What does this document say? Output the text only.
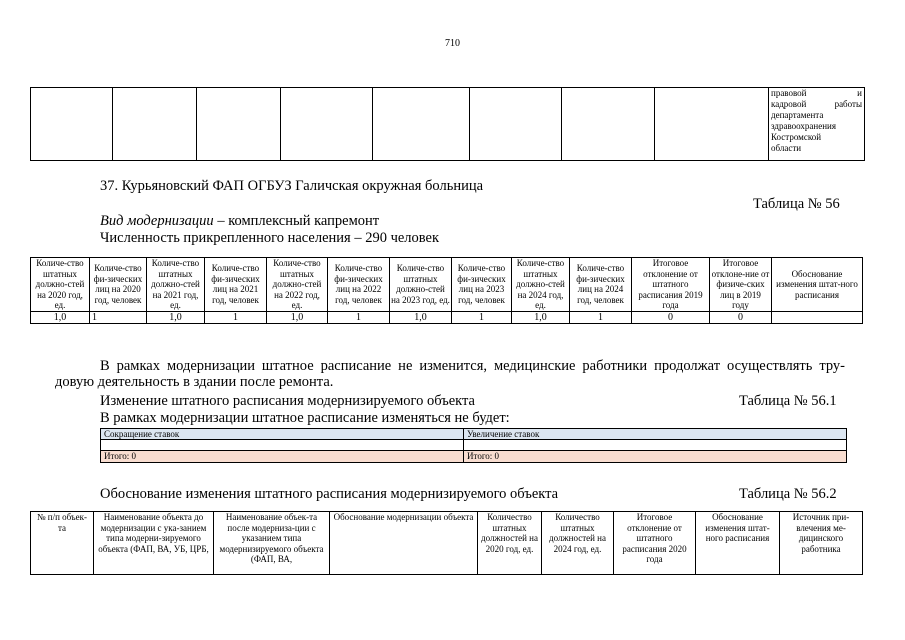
710

правовой и
кадровой работы
департамента
здравоохранения
Костромской
области
37. Курьяновский ФАП ОГБУЗ Галичская окружная больница
Таблица № 56
Вид модернизации – комплексный капремонт
Численность прикрепленного населения – 290 человек
Количе-ство штатных должно-стей на 2020 год, ед.	Количе-ство фи-зических лиц на 2020 год, человек	Количе-ство штатных должно-стей на 2021 год, ед.	Количе-ство фи-зических лиц на 2021 год, человек	Количе-ство штатных должно-стей на 2022 год, ед.	Количе-ство фи-зических лиц на 2022 год, человек	Количе-ство штатных должно-стей на 2023 год, ед.	Количе-ство фи-зических лиц на 2023 год, человек	Количе-ство штатных должно-стей на 2024 год, ед.	Количе-ство фи-зических лиц на 2024 год, человек	Итоговое отклонение от штатного расписания 2019 года	Итоговое отклоне-ние от физиче-ских лиц в 2019 году	Обоснование изменения штат-ного расписания
1,0	1	1,0	1	1,0	1	1,0	1	1,0	1	0	0	
В рамках модернизации штатное расписание не изменится, медицинские работники продолжат осуществлять тру-
довую деятельность в здании после ремонта.
Изменение штатного расписания модернизируемого объекта	Таблица № 56.1
В рамках модернизации штатное расписание изменяться не будет:
Сокращение ставок	Увеличение ставок

Итого: 0	Итого: 0
Обоснование изменения штатного расписания модернизируемого объекта	Таблица № 56.2
№ п/п объек-та	Наименование объекта до модернизации с ука-занием типа модерни-зируемого объекта (ФАП, ВА, УБ, ЦРБ,	Наименование объек-та после модерниза-ции с указанием типа модернизируемого объекта (ФАП, ВА,	Обоснование модернизации объекта	Количество штатных должностей на 2020 год, ед.	Количество штатных должностей на 2024 год, ед.	Итоговое отклонение от штатного расписания 2020 года	Обоснование изменения штат-ного расписания	Источник при-влечения ме-дицинского работника
